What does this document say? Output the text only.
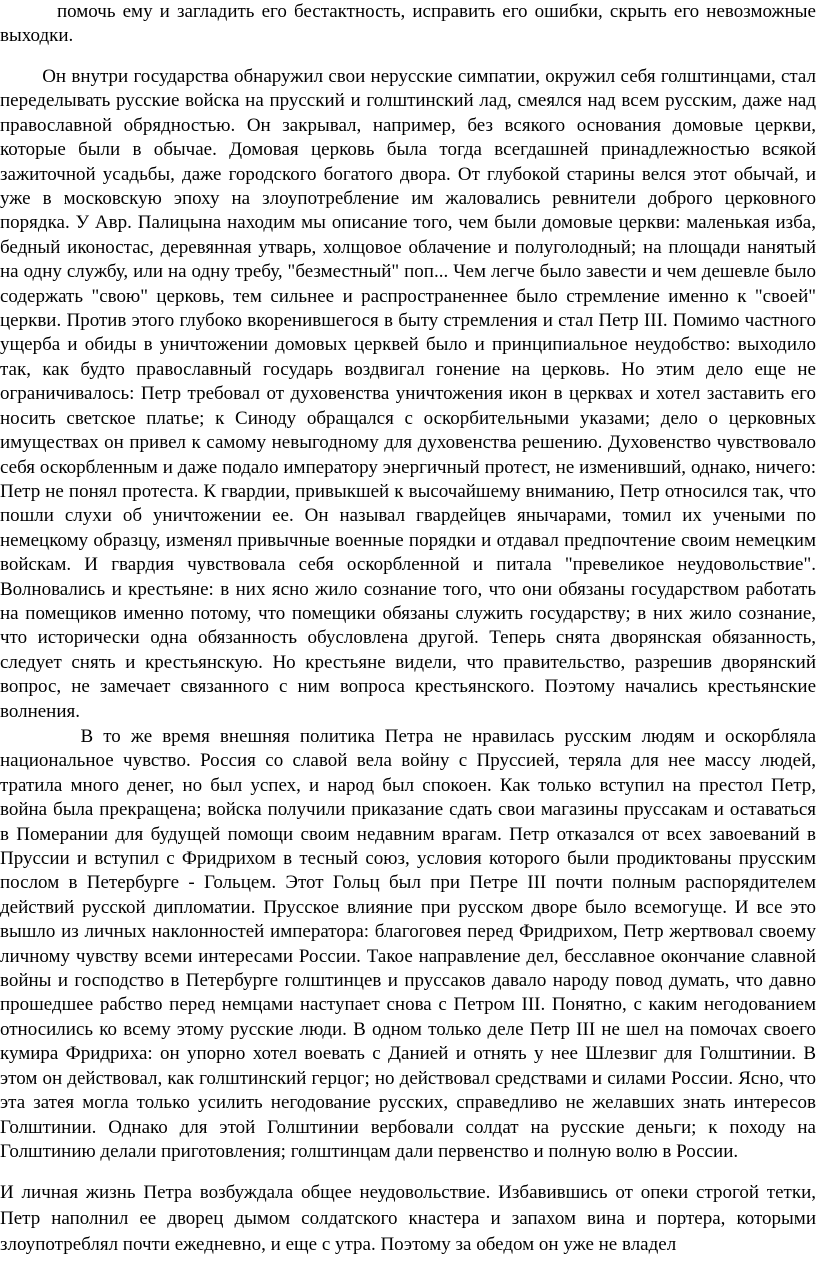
помочь ему и загладить его бестактность, исправить его ошибки, скрыть его невозможные выходки.

Он внутри государства обнаружил свои нерусские симпатии, окружил себя голштинцами, стал переделывать русские войска на прусский и голштинский лад, смеялся над всем русским, даже над православной обрядностью. Он закрывал, например, без всякого основания домовые церкви, которые были в обычае. Домовая церковь была тогда всегдашней принадлежностью всякой зажиточной усадьбы, даже городского богатого двора. От глубокой старины велся этот обычай, и уже в московскую эпоху на злоупотребление им жаловались ревнители доброго церковного порядка. У Авр. Палицына находим мы описание того, чем были домовые церкви: маленькая изба, бедный иконостас, деревянная утварь, холщовое облачение и полуголодный; на площади нанятый на одну службу, или на одну требу, "безместный" поп... Чем легче было завести и чем дешевле было содержать "свою" церковь, тем сильнее и распространеннее было стремление именно к "своей" церкви. Против этого глубоко вкоренившегося в быту стремления и стал Петр III. Помимо частного ущерба и обиды в уничтожении домовых церквей было и принципиальное неудобство: выходило так, как будто православный государь воздвигал гонение на церковь. Но этим дело еще не ограничивалось: Петр требовал от духовенства уничтожения икон в церквах и хотел заставить его носить светское платье; к Синоду обращался с оскорбительными указами; дело о церковных имуществах он привел к самому невыгодному для духовенства решению. Духовенство чувствовало себя оскорбленным и даже подало императору энергичный протест, не изменивший, однако, ничего: Петр не понял протеста. К гвардии, привыкшей к высочайшему вниманию, Петр относился так, что пошли слухи об уничтожении ее. Он называл гвардейцев янычарами, томил их учеными по немецкому образцу, изменял привычные военные порядки и отдавал предпочтение своим немецким войскам. И гвардия чувствовала себя оскорбленной и питала "превеликое неудовольствие". Волновались и крестьяне: в них ясно жило сознание того, что они обязаны государством работать на помещиков именно потому, что помещики обязаны служить государству; в них жило сознание, что исторически одна обязанность обусловлена другой. Теперь снята дворянская обязанность, следует снять и крестьянскую. Но крестьяне видели, что правительство, разрешив дворянский вопрос, не замечает связанного с ним вопроса крестьянского. Поэтому начались крестьянские волнения.

В то же время внешняя политика Петра не нравилась русским людям и оскорбляла национальное чувство. Россия со славой вела войну с Пруссией, теряла для нее массу людей, тратила много денег, но был успех, и народ был спокоен. Как только вступил на престол Петр, война была прекращена; войска получили приказание сдать свои магазины пруссакам и оставаться в Померании для будущей помощи своим недавним врагам. Петр отказался от всех завоеваний в Пруссии и вступил с Фридрихом в тесный союз, условия которого были продиктованы прусским послом в Петербурге - Гольцем. Этот Гольц был при Петре III почти полным распорядителем действий русской дипломатии. Прусское влияние при русском дворе было всемогуще. И все это вышло из личных наклонностей императора: благоговея перед Фридрихом, Петр жертвовал своему личному чувству всеми интересами России. Такое направление дел, бесславное окончание славной войны и господство в Петербурге голштинцев и пруссаков давало народу повод думать, что давно прошедшее рабство перед немцами наступает снова с Петром III. Понятно, с каким негодованием относились ко всему этому русские люди. В одном только деле Петр III не шел на помочах своего кумира Фридриха: он упорно хотел воевать с Данией и отнять у нее Шлезвиг для Голштинии. В этом он действовал, как голштинский герцог; но действовал средствами и силами России. Ясно, что эта затея могла только усилить негодование русских, справедливо не желавших знать интересов Голштинии. Однако для этой Голштинии вербовали солдат на русские деньги; к походу на Голштинию делали приготовления; голштинцам дали первенство и полную волю в России.

И личная жизнь Петра возбуждала общее неудовольствие. Избавившись от опеки строгой тетки, Петр наполнил ее дворец дымом солдатского кнастера и запахом вина и портера, которыми злоупотреблял почти ежедневно, и еще с утра. Поэтому за обедом он уже не владел
